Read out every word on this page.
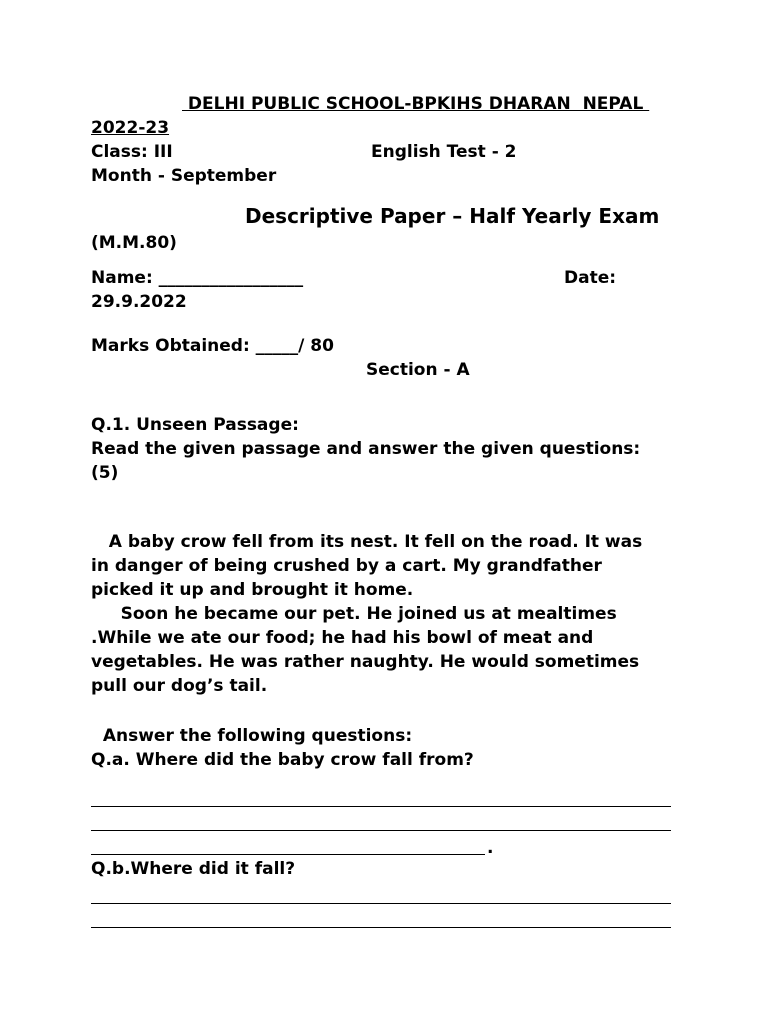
DELHI PUBLIC SCHOOL-BPKIHS DHARAN  NEPAL
2022-23
Class: III	English Test - 2
Month - September
Descriptive Paper – Half Yearly Exam
(M.M.80)
Name: _________________	Date:
29.9.2022
Marks Obtained: _____/ 80
Section - A
Q.1. Unseen Passage:
Read the given passage and answer the given questions:
(5)
A baby crow fell from its nest. It fell on the road. It was
in danger of being crushed by a cart. My grandfather
picked it up and brought it home.
Soon he became our pet. He joined us at mealtimes
.While we ate our food; he had his bowl of meat and
vegetables. He was rather naughty. He would sometimes
pull our dog’s tail.
Answer the following questions:
Q.a. Where did the baby crow fall from?
.
Q.b.Where did it fall?
